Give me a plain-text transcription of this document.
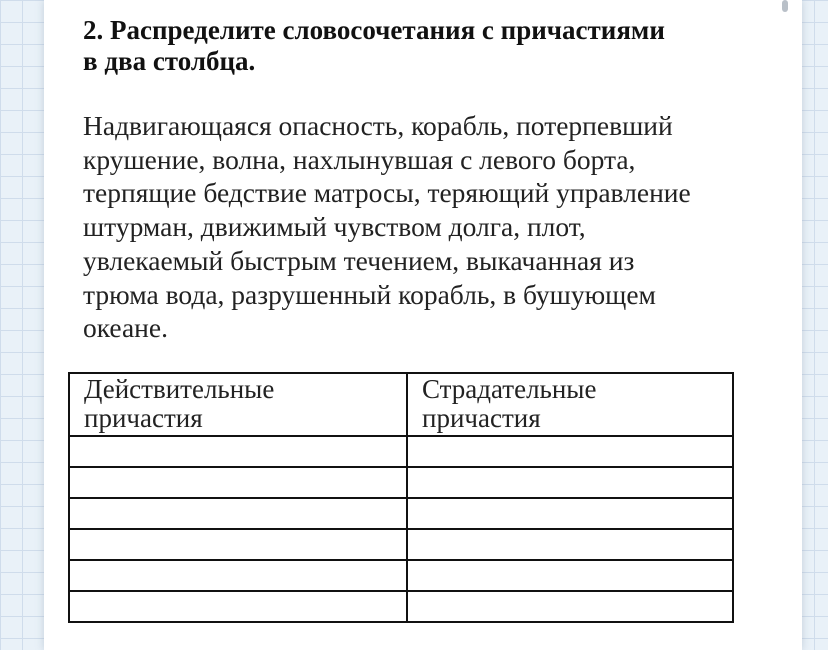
2. Распределите словосочетания с причастиями
в два столбца.

Надвигающаяся опасность, корабль, потерпевший
крушение, волна, нахлынувшая с левого борта,
терпящие бедствие матросы, теряющий управление
штурман, движимый чувством долга, плот,
увлекаемый быстрым течением, выкачанная из
трюма вода, разрушенный корабль, в бушующем
океане.

Действительные
причастия	Страдательные
причастия
